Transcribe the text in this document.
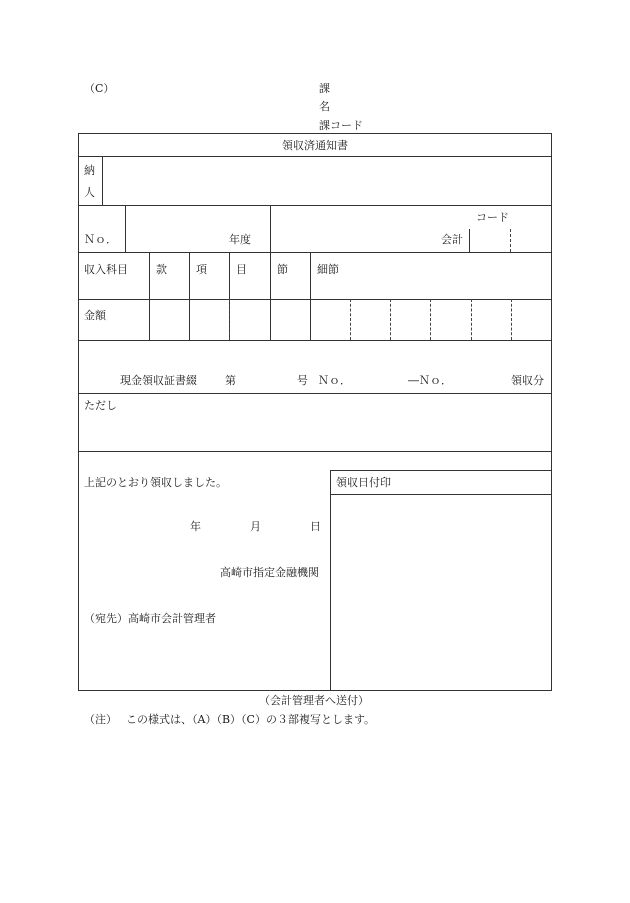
（C）	課
名
課コード
領収済通知書
納
人
コード
Ｎｏ．	年度	会計
収入科目	款	項	目	節	細節
金額
現金領収証書綴	第	号 Ｎｏ．	―Ｎｏ．	領収分
ただし
上記のとおり領収しました。
年	月	日
高崎市指定金融機関
（宛先）高崎市会計管理者
領収日付印
（会計管理者へ送付）
（注） この様式は、（A）（B）（C）の３部複写とします。
